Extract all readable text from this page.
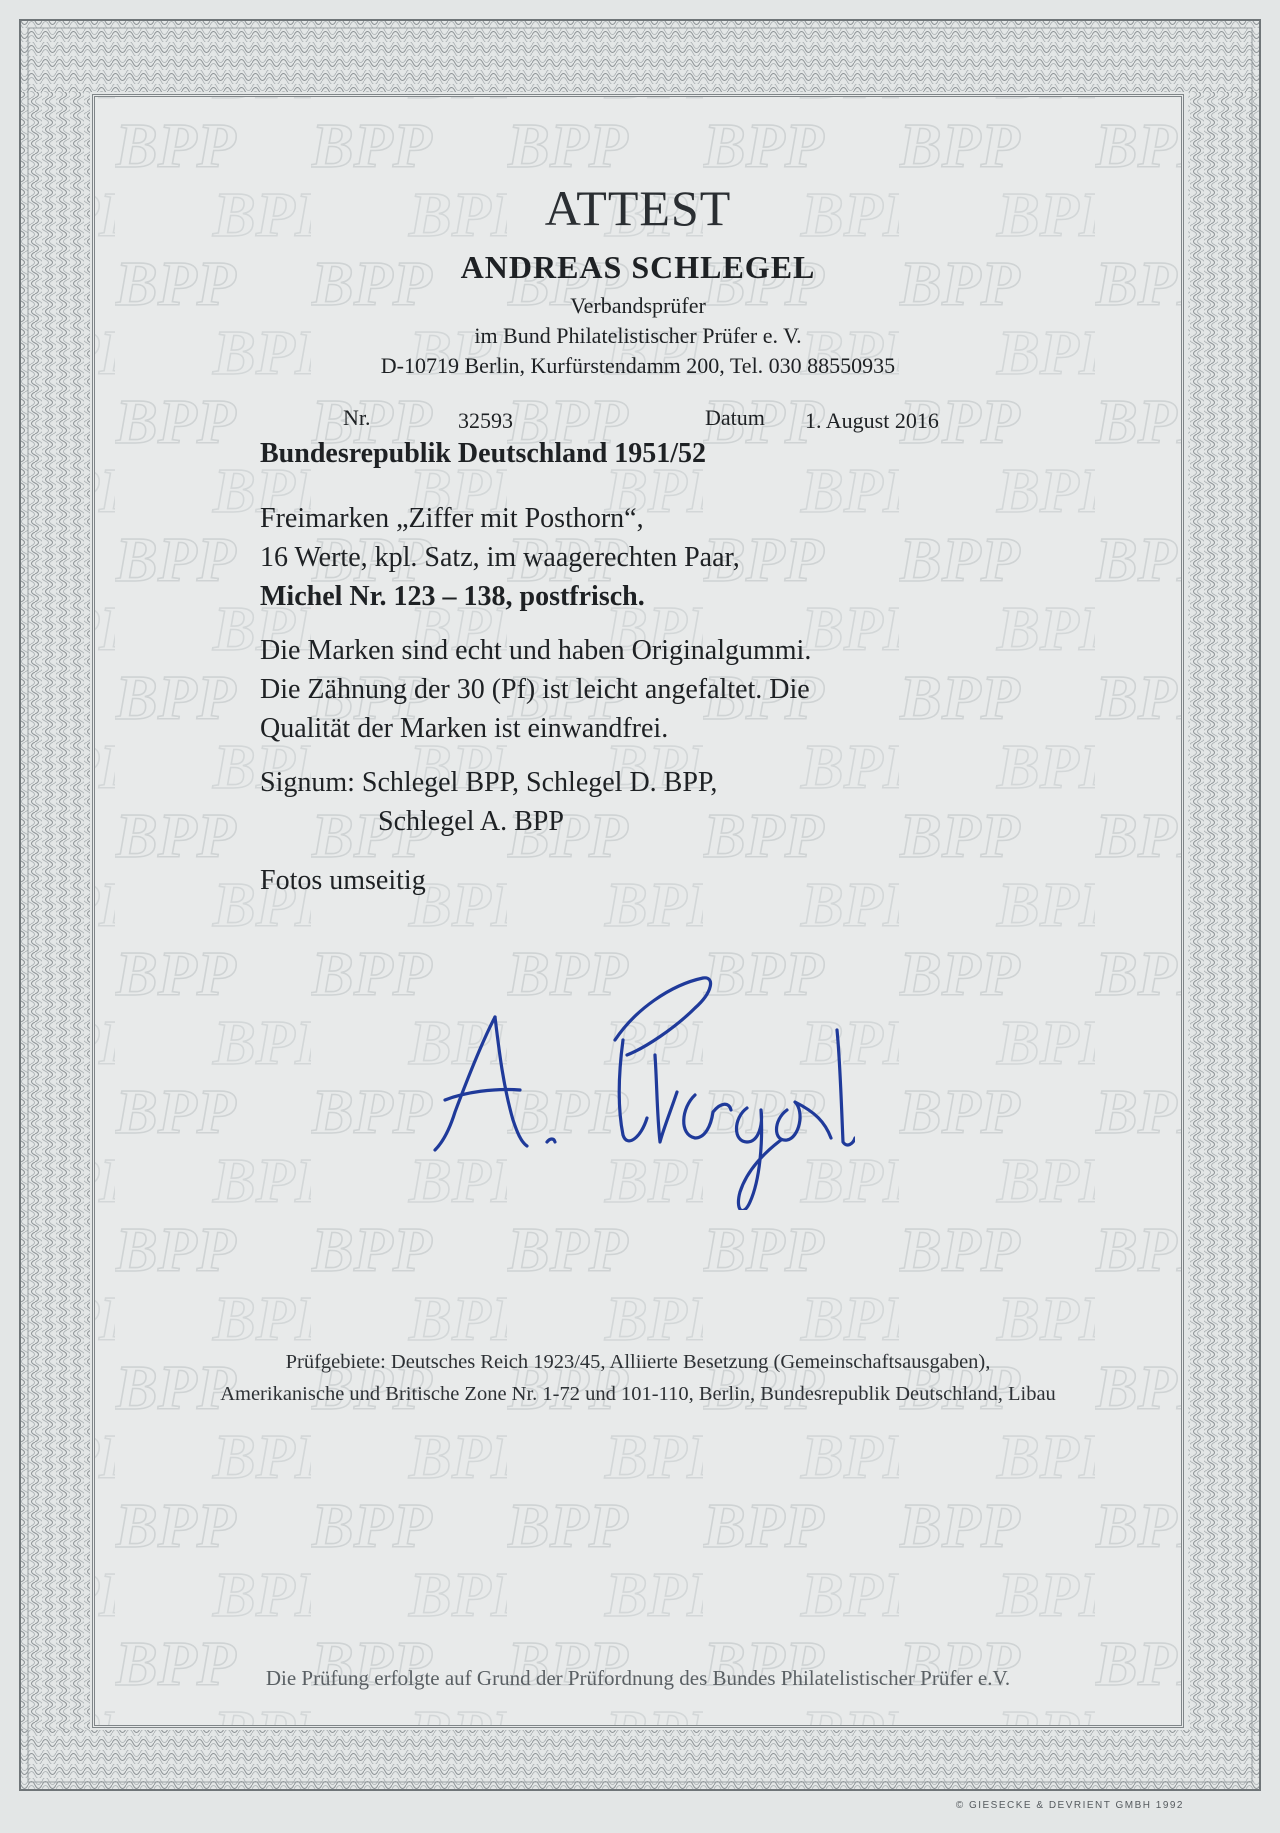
ATTEST
ANDREAS SCHLEGEL
Verbandsprüfer
im Bund Philatelistischer Prüfer e. V.
D-10719 Berlin, Kurfürstendamm 200, Tel. 030 88550935
Nr.	32593	Datum 1. August 2016
Bundesrepublik Deutschland 1951/52
Freimarken „Ziffer mit Posthorn“,
16 Werte, kpl. Satz, im waagerechten Paar,
Michel Nr. 123 – 138, postfrisch.
Die Marken sind echt und haben Originalgummi.
Die Zähnung der 30 (Pf) ist leicht angefaltet. Die
Qualität der Marken ist einwandfrei.
Signum: Schlegel BPP, Schlegel D. BPP,
Schlegel A. BPP
Fotos umseitig
Prüfgebiete: Deutsches Reich 1923/45, Alliierte Besetzung (Gemeinschaftsausgaben),
Amerikanische und Britische Zone Nr. 1-72 und 101-110, Berlin, Bundesrepublik Deutschland, Libau
Die Prüfung erfolgte auf Grund der Prüfordnung des Bundes Philatelistischer Prüfer e.V.
© GIESECKE & DEVRIENT GMBH 1992
